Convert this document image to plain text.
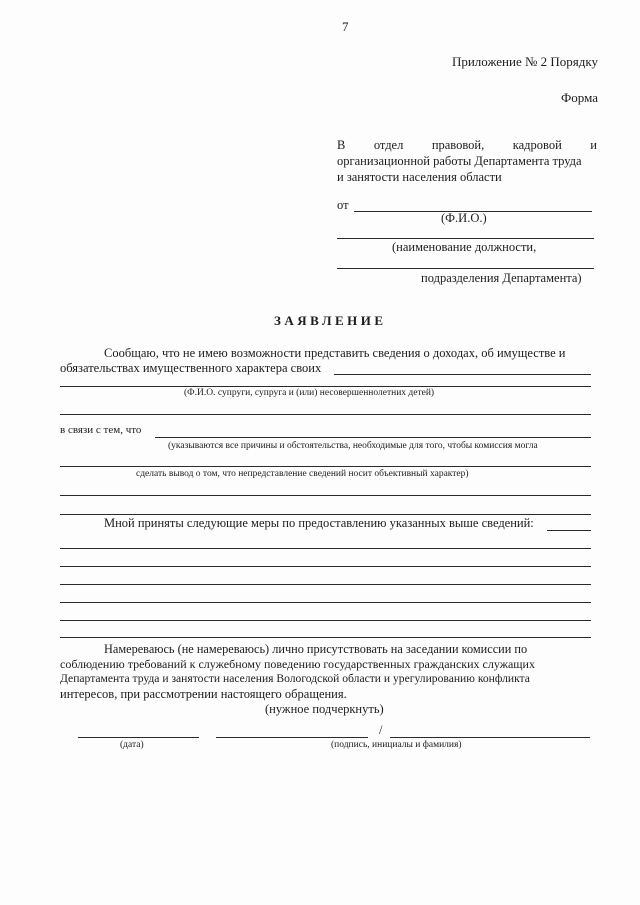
7
Приложение № 2 Порядку
Форма
В отдел правовой, кадровой и
организационной работы Департамента труда
и занятости населения области
от
(Ф.И.О.)
(наименование должности,
подразделения Департамента)
ЗАЯВЛЕНИЕ
Сообщаю, что не имею возможности представить сведения о доходах, об имуществе и
обязательствах имущественного характера своих
(Ф.И.О. супруги, супруга и (или) несовершеннолетних детей)
в связи с тем, что
(указываются все причины и обстоятельства, необходимые для того, чтобы комиссия могла
сделать вывод о том, что непредставление сведений носит объективный характер)
Мной приняты следующие меры по предоставлению указанных выше сведений:
Намереваюсь (не намереваюсь) лично присутствовать на заседании комиссии по
соблюдению требований к служебному поведению государственных гражданских служащих
Департамента труда и занятости населения Вологодской области и урегулированию конфликта
интересов, при рассмотрении настоящего обращения.
(нужное подчеркнуть)
/
(дата)	(подпись, инициалы и фамилия)
